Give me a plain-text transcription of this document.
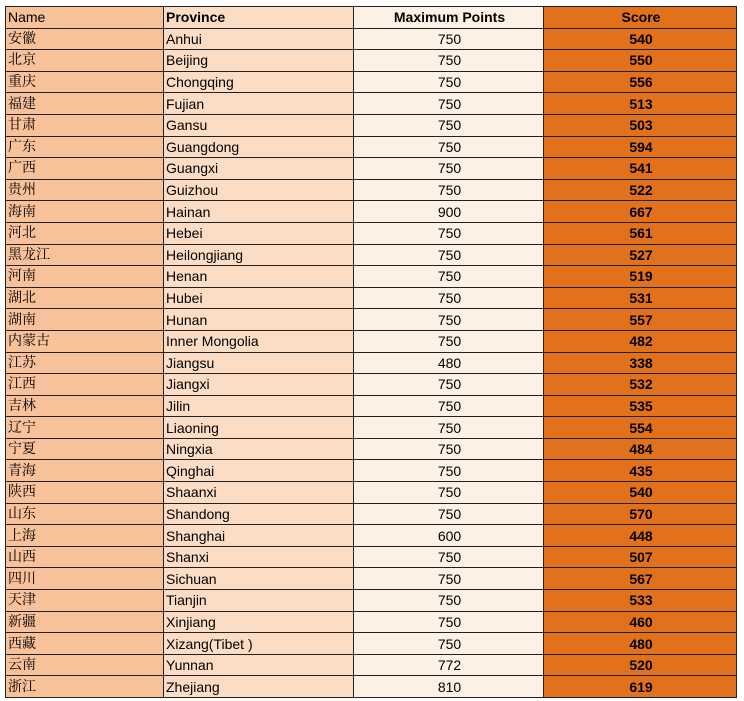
Name	Province	Maximum Points	Score
安徽	Anhui	750	540
北京	Beijing	750	550
重庆	Chongqing	750	556
福建	Fujian	750	513
甘肃	Gansu	750	503
广东	Guangdong	750	594
广西	Guangxi	750	541
贵州	Guizhou	750	522
海南	Hainan	900	667
河北	Hebei	750	561
黑龙江	Heilongjiang	750	527
河南	Henan	750	519
湖北	Hubei	750	531
湖南	Hunan	750	557
内蒙古	Inner Mongolia	750	482
江苏	Jiangsu	480	338
江西	Jiangxi	750	532
吉林	Jilin	750	535
辽宁	Liaoning	750	554
宁夏	Ningxia	750	484
青海	Qinghai	750	435
陕西	Shaanxi	750	540
山东	Shandong	750	570
上海	Shanghai	600	448
山西	Shanxi	750	507
四川	Sichuan	750	567
天津	Tianjin	750	533
新疆	Xinjiang	750	460
西藏	Xizang(Tibet )	750	480
云南	Yunnan	772	520
浙江	Zhejiang	810	619
